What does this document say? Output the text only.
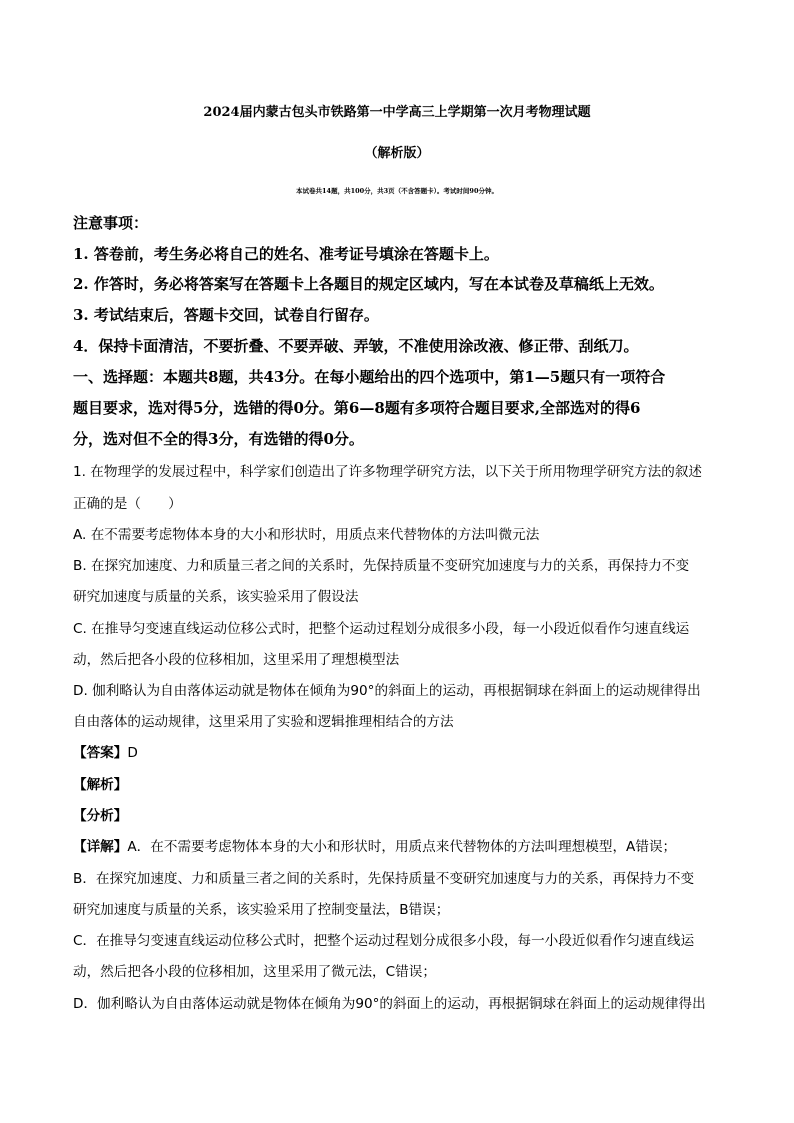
2024届内蒙古包头市铁路第一中学高三上学期第一次月考物理试题
（解析版）
本试卷共14题，共100分，共3页（不含答题卡）。考试时间90分钟。
注意事项：
1. 答卷前，考生务必将自己的姓名、准考证号填涂在答题卡上。
2. 作答时，务必将答案写在答题卡上各题目的规定区域内，写在本试卷及草稿纸上无效。
3. 考试结束后，答题卡交回，试卷自行留存。
4．保持卡面清洁，不要折叠、不要弄破、弄皱，不准使用涂改液、修正带、刮纸刀。
一、选择题：本题共8题，共43分。在每小题给出的四个选项中，第1—5题只有一项符合
题目要求，选对得5分，选错的得0分。第6—8题有多项符合题目要求,全部选对的得6
分，选对但不全的得3分，有选错的得0分。
1. 在物理学的发展过程中，科学家们创造出了许多物理学研究方法，以下关于所用物理学研究方法的叙述
正确的是（　　）
A. 在不需要考虑物体本身的大小和形状时，用质点来代替物体的方法叫微元法
B. 在探究加速度、力和质量三者之间的关系时，先保持质量不变研究加速度与力的关系，再保持力不变
研究加速度与质量的关系，该实验采用了假设法
C. 在推导匀变速直线运动位移公式时，把整个运动过程划分成很多小段，每一小段近似看作匀速直线运
动，然后把各小段的位移相加，这里采用了理想模型法
D. 伽利略认为自由落体运动就是物体在倾角为90°的斜面上的运动，再根据铜球在斜面上的运动规律得出
自由落体的运动规律，这里采用了实验和逻辑推理相结合的方法
【答案】D
【解析】
【分析】
【详解】A．在不需要考虑物体本身的大小和形状时，用质点来代替物体的方法叫理想模型，A错误；
B．在探究加速度、力和质量三者之间的关系时，先保持质量不变研究加速度与力的关系，再保持力不变
研究加速度与质量的关系，该实验采用了控制变量法，B错误；
C．在推导匀变速直线运动位移公式时，把整个运动过程划分成很多小段，每一小段近似看作匀速直线运
动，然后把各小段的位移相加，这里采用了微元法，C错误；
D．伽利略认为自由落体运动就是物体在倾角为90°的斜面上的运动，再根据铜球在斜面上的运动规律得出
